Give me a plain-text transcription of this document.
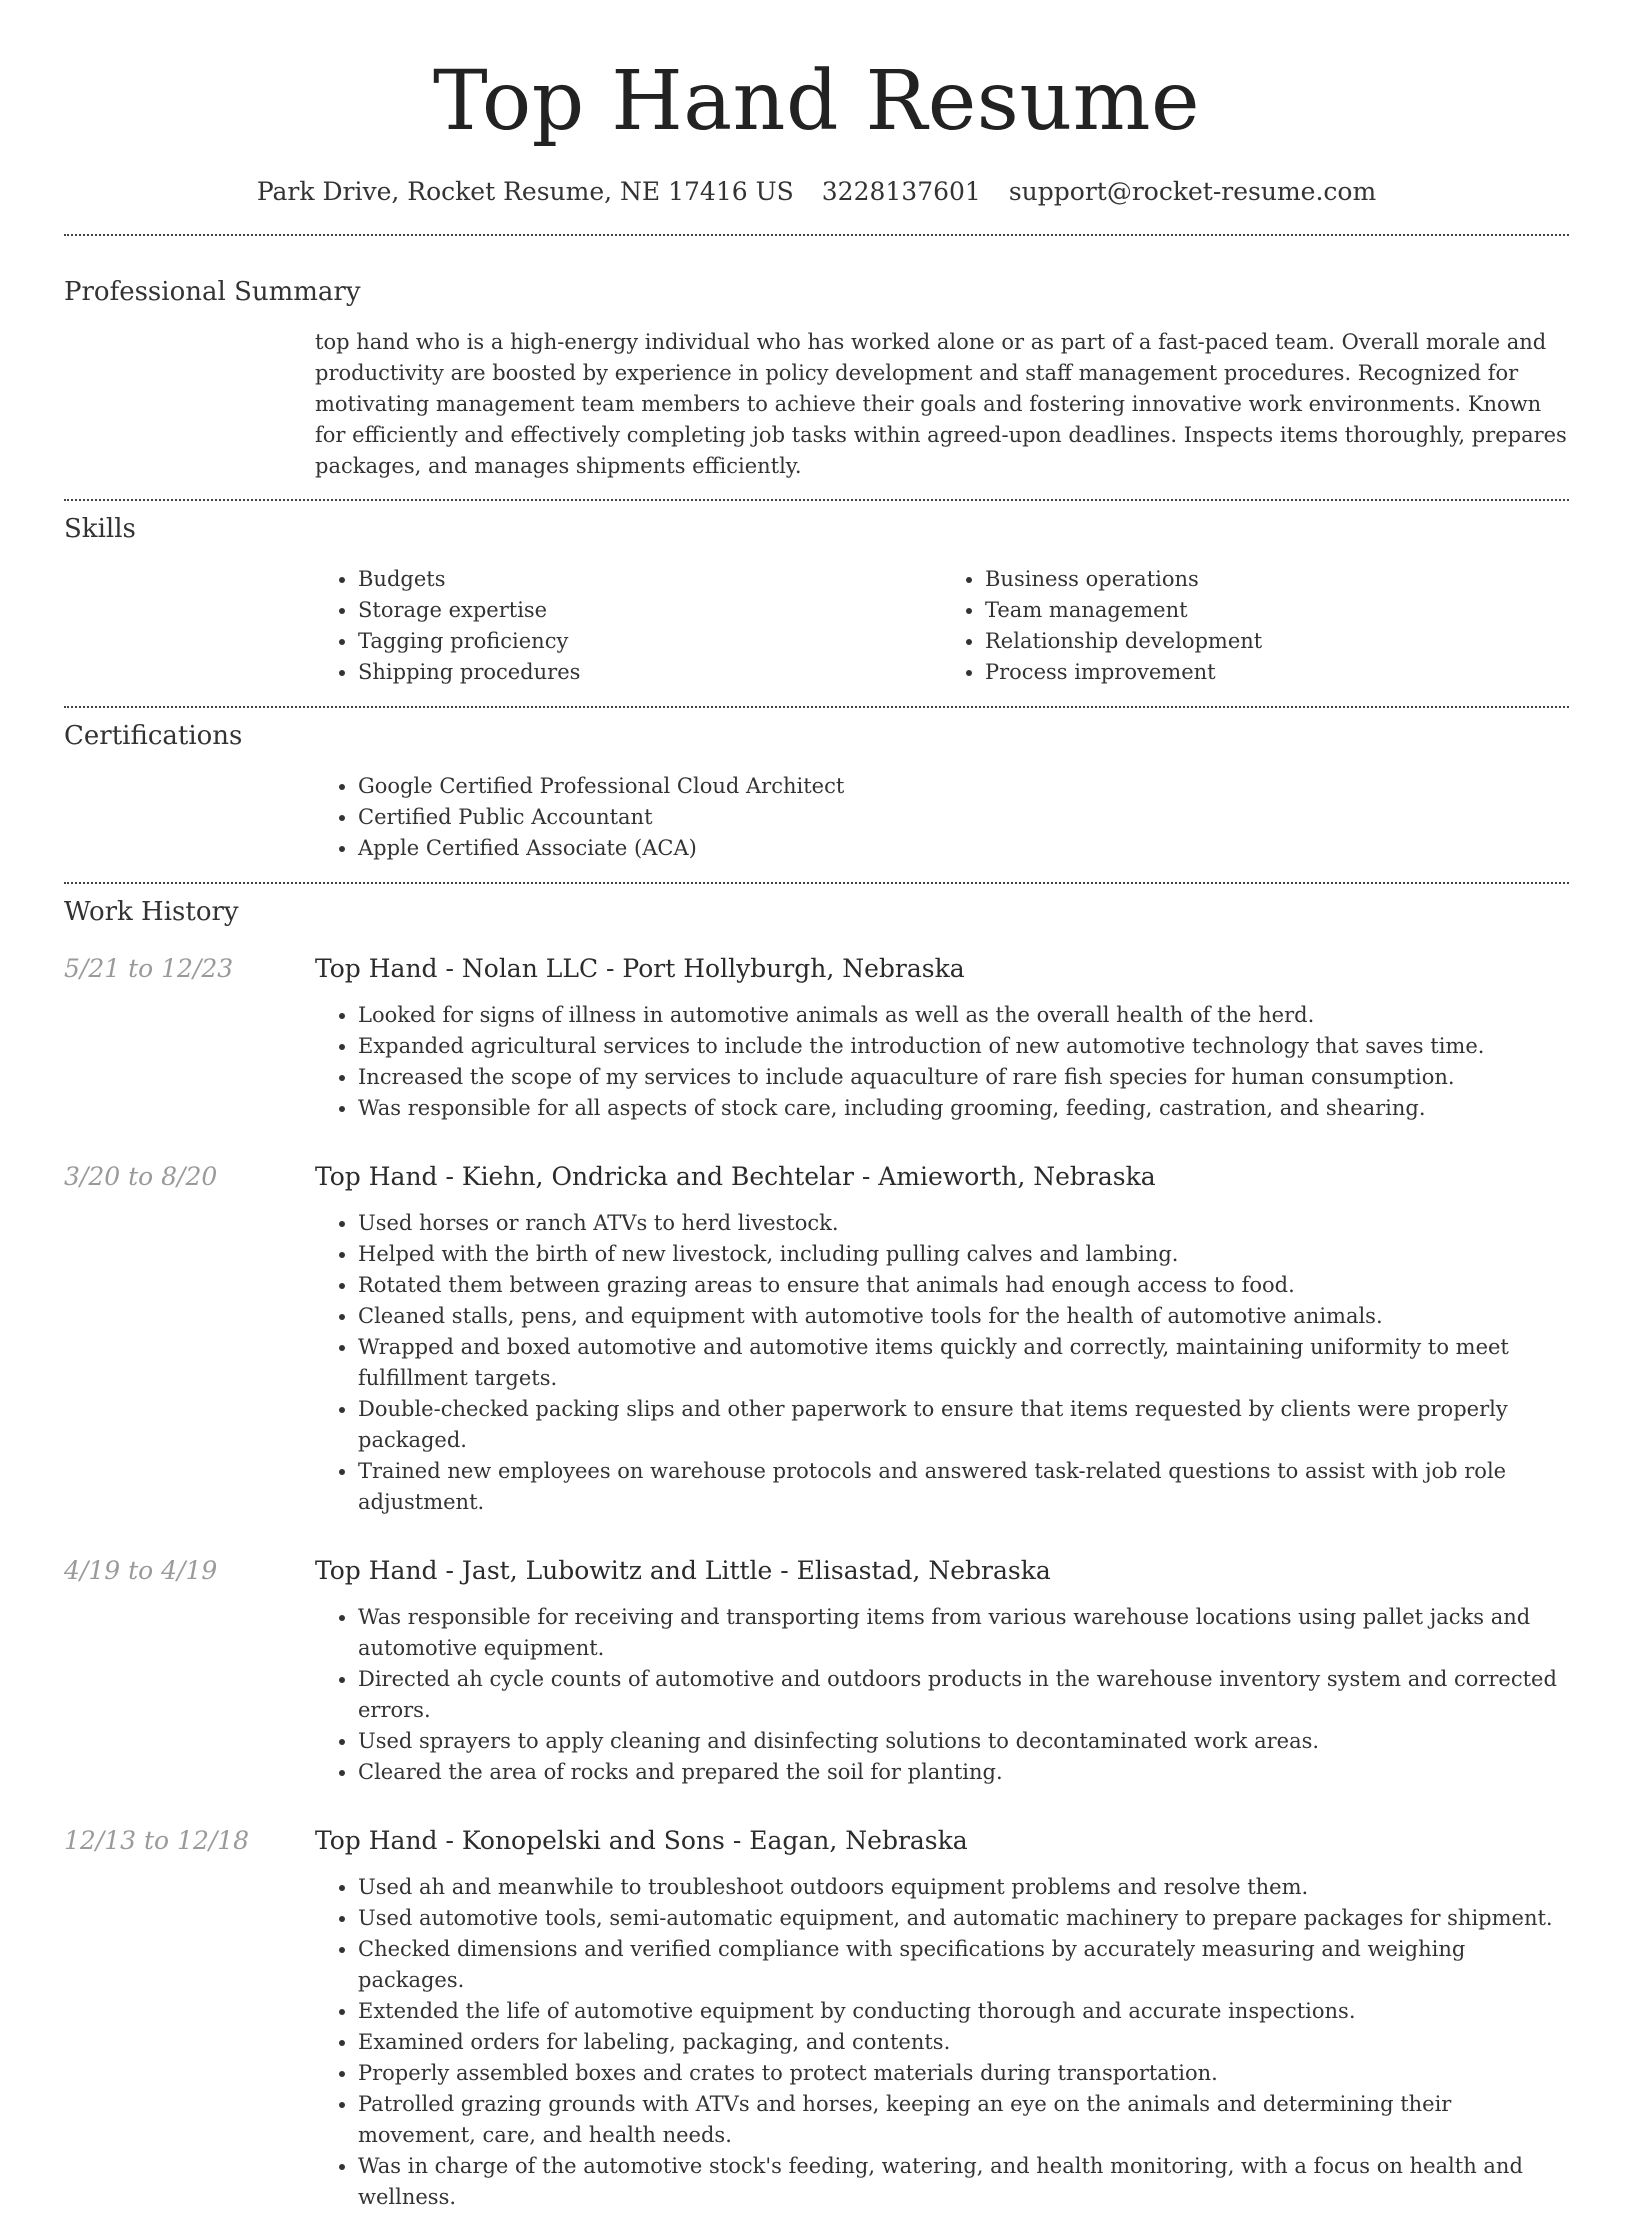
Top Hand Resume
Park Drive, Rocket Resume, NE 17416 US 3228137601 support@rocket-resume.com
Professional Summary
top hand who is a high-energy individual who has worked alone or as part of a fast-paced team. Overall morale and productivity are boosted by experience in policy development and staff management procedures. Recognized for motivating management team members to achieve their goals and fostering innovative work environments. Known for efficiently and effectively completing job tasks within agreed-upon deadlines. Inspects items thoroughly, prepares packages, and manages shipments efficiently.
Skills
• Budgets
• Storage expertise
• Tagging proficiency
• Shipping procedures
• Business operations
• Team management
• Relationship development
• Process improvement
Certifications
• Google Certified Professional Cloud Architect
• Certified Public Accountant
• Apple Certified Associate (ACA)
Work History
5/21 to 12/23	Top Hand - Nolan LLC - Port Hollyburgh, Nebraska
• Looked for signs of illness in automotive animals as well as the overall health of the herd.
• Expanded agricultural services to include the introduction of new automotive technology that saves time.
• Increased the scope of my services to include aquaculture of rare fish species for human consumption.
• Was responsible for all aspects of stock care, including grooming, feeding, castration, and shearing.
3/20 to 8/20	Top Hand - Kiehn, Ondricka and Bechtelar - Amieworth, Nebraska
• Used horses or ranch ATVs to herd livestock.
• Helped with the birth of new livestock, including pulling calves and lambing.
• Rotated them between grazing areas to ensure that animals had enough access to food.
• Cleaned stalls, pens, and equipment with automotive tools for the health of automotive animals.
• Wrapped and boxed automotive and automotive items quickly and correctly, maintaining uniformity to meet fulfillment targets.
• Double-checked packing slips and other paperwork to ensure that items requested by clients were properly packaged.
• Trained new employees on warehouse protocols and answered task-related questions to assist with job role adjustment.
4/19 to 4/19	Top Hand - Jast, Lubowitz and Little - Elisastad, Nebraska
• Was responsible for receiving and transporting items from various warehouse locations using pallet jacks and automotive equipment.
• Directed ah cycle counts of automotive and outdoors products in the warehouse inventory system and corrected errors.
• Used sprayers to apply cleaning and disinfecting solutions to decontaminated work areas.
• Cleared the area of rocks and prepared the soil for planting.
12/13 to 12/18	Top Hand - Konopelski and Sons - Eagan, Nebraska
• Used ah and meanwhile to troubleshoot outdoors equipment problems and resolve them.
• Used automotive tools, semi-automatic equipment, and automatic machinery to prepare packages for shipment.
• Checked dimensions and verified compliance with specifications by accurately measuring and weighing packages.
• Extended the life of automotive equipment by conducting thorough and accurate inspections.
• Examined orders for labeling, packaging, and contents.
• Properly assembled boxes and crates to protect materials during transportation.
• Patrolled grazing grounds with ATVs and horses, keeping an eye on the animals and determining their movement, care, and health needs.
• Was in charge of the automotive stock's feeding, watering, and health monitoring, with a focus on health and wellness.
